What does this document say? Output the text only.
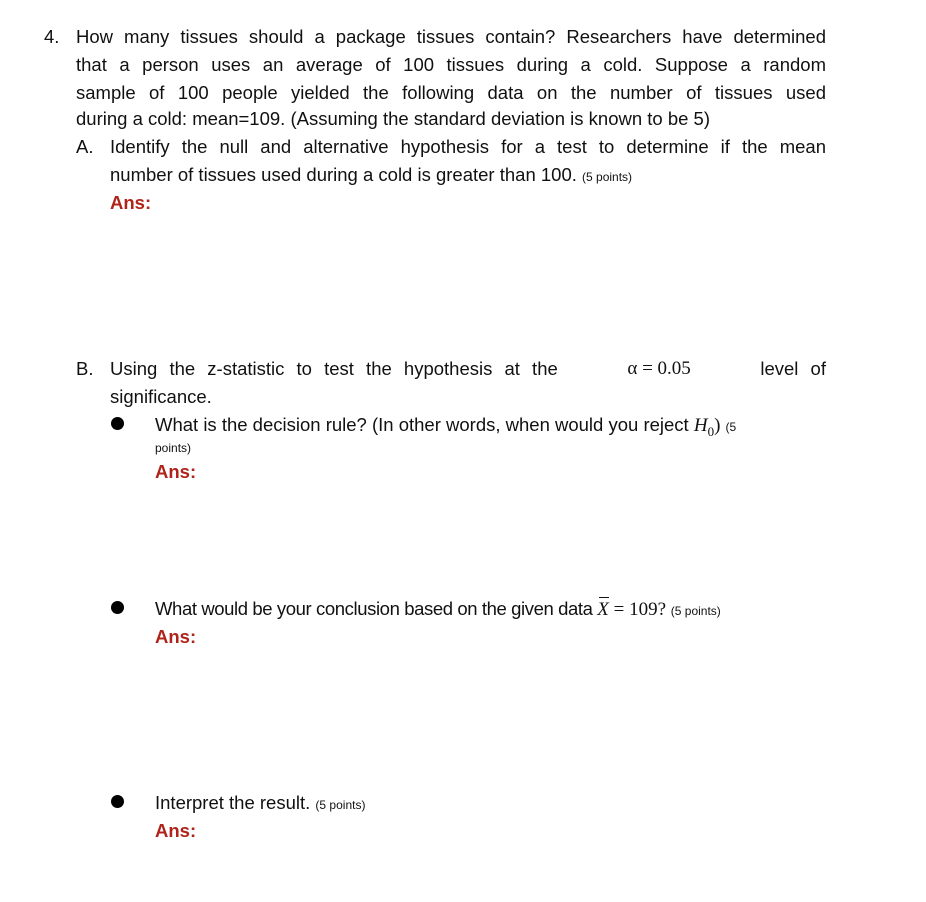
4. How many tissues should a package tissues contain? Researchers have determined
that a person uses an average of 100 tissues during a cold. Suppose a random
sample of 100 people yielded the following data on the number of tissues used
during a cold: mean=109. (Assuming the standard deviation is known to be 5)
A. Identify the null and alternative hypothesis for a test to determine if the mean
number of tissues used during a cold is greater than 100. (5 points)
Ans:
B. Using the z-statistic to test the hypothesis at the	α = 0.05	level of
significance.
What is the decision rule? (In other words, when would you reject $H_0$) (5
points)
Ans:
What would be your conclusion based on the given data X = 109? (5 points)
Ans:
Interpret the result. (5 points)
Ans:
